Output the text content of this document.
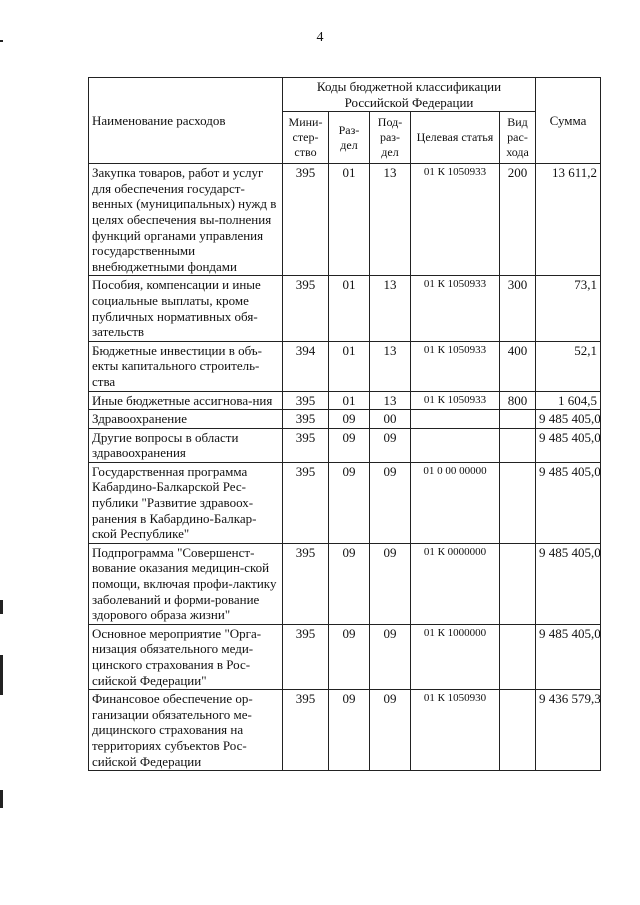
4
Наименование расходов	Коды бюджетной классификации Российской Федерации					Сумма
	Мини-стер-ство	Раз-дел	Под-раз-дел	Целевая статья	Вид рас-хода	
Закупка товаров, работ и услуг для обеспечения государст-венных (муниципальных) нужд в целях обеспечения вы-полнения функций органами управления государственными внебюджетными фондами	395	01	13	01 К 1050933	200	13 611,2
Пособия, компенсации и иные социальные выплаты, кроме публичных нормативных обя-зательств	395	01	13	01 К 1050933	300	73,1
Бюджетные инвестиции в объ-екты капитального строитель-ства	394	01	13	01 К 1050933	400	52,1
Иные бюджетные ассигнова-ния	395	01	13	01 К 1050933	800	1 604,5
Здравоохранение	395	09	00			9 485 405,0
Другие вопросы в области здравоохранения	395	09	09			9 485 405,0
Государственная программа Кабардино-Балкарской Рес-публики "Развитие здравоох-ранения в Кабардино-Балкар-ской Республике"	395	09	09	01 0 00 00000		9 485 405,0
Подпрограмма "Совершенст-вование оказания медицин-ской помощи, включая профи-лактику заболеваний и форми-рование здорового образа жизни"	395	09	09	01 К 0000000		9 485 405,0
Основное мероприятие "Орга-низация обязательного меди-цинского страхования в Рос-сийской Федерации"	395	09	09	01 К 1000000		9 485 405,0
Финансовое обеспечение ор-ганизации обязательного ме-дицинского страхования на территориях субъектов Рос-сийской Федерации	395	09	09	01 К 1050930		9 436 579,3
